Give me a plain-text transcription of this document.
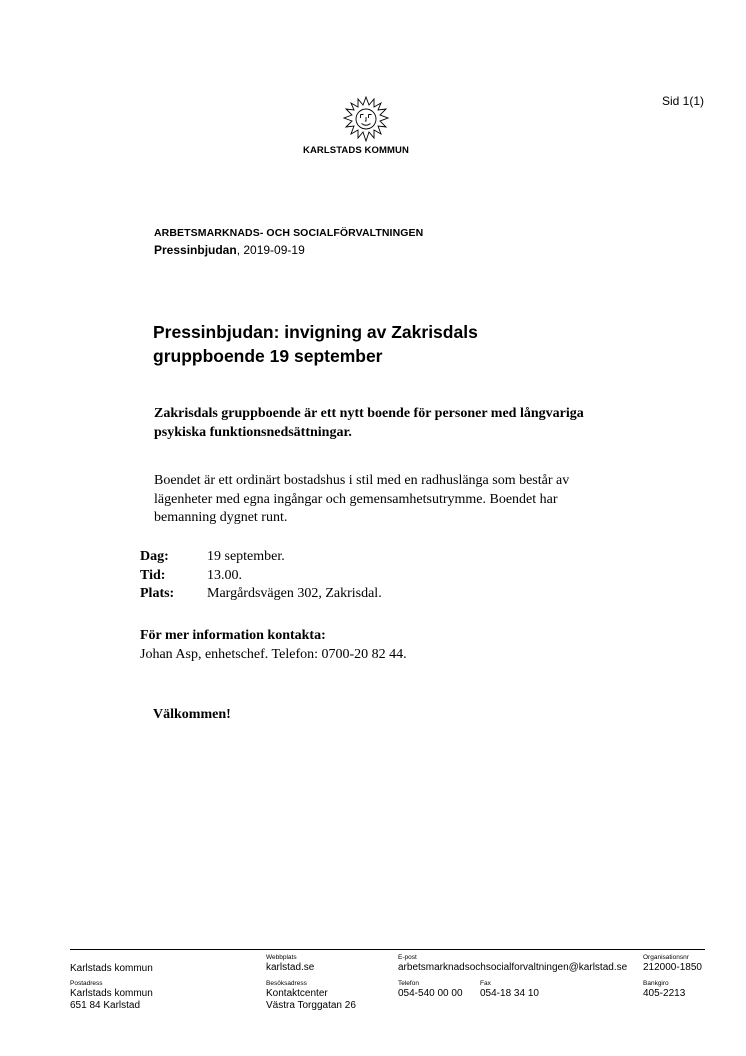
Sid 1(1)
KARLSTADS KOMMUN
ARBETSMARKNADS- OCH SOCIALFÖRVALTNINGEN
Pressinbjudan, 2019-09-19
Pressinbjudan: invigning av Zakrisdals
gruppboende 19 september
Zakrisdals gruppboende är ett nytt boende för personer med långvariga
psykiska funktionsnedsättningar.
Boendet är ett ordinärt bostadshus i stil med en radhuslänga som består av
lägenheter med egna ingångar och gemensamhetsutrymme. Boendet har
bemanning dygnet runt.
Dag:	19 september.
Tid:	13.00.
Plats:	Margårdsvägen 302, Zakrisdal.
För mer information kontakta:
Johan Asp, enhetschef. Telefon: 0700-20 82 44.
Välkommen!
Karlstads kommun
Webbplats
karlstad.se
E-post
arbetsmarknadsochsocialforvaltningen@karlstad.se
Organisationsnr
212000-1850
Postadress
Karlstads kommun
651 84 Karlstad
Besöksadress
Kontaktcenter
Västra Torggatan 26
Telefon
054-540 00 00
Fax
054-18 34 10
Bankgiro
405-2213
